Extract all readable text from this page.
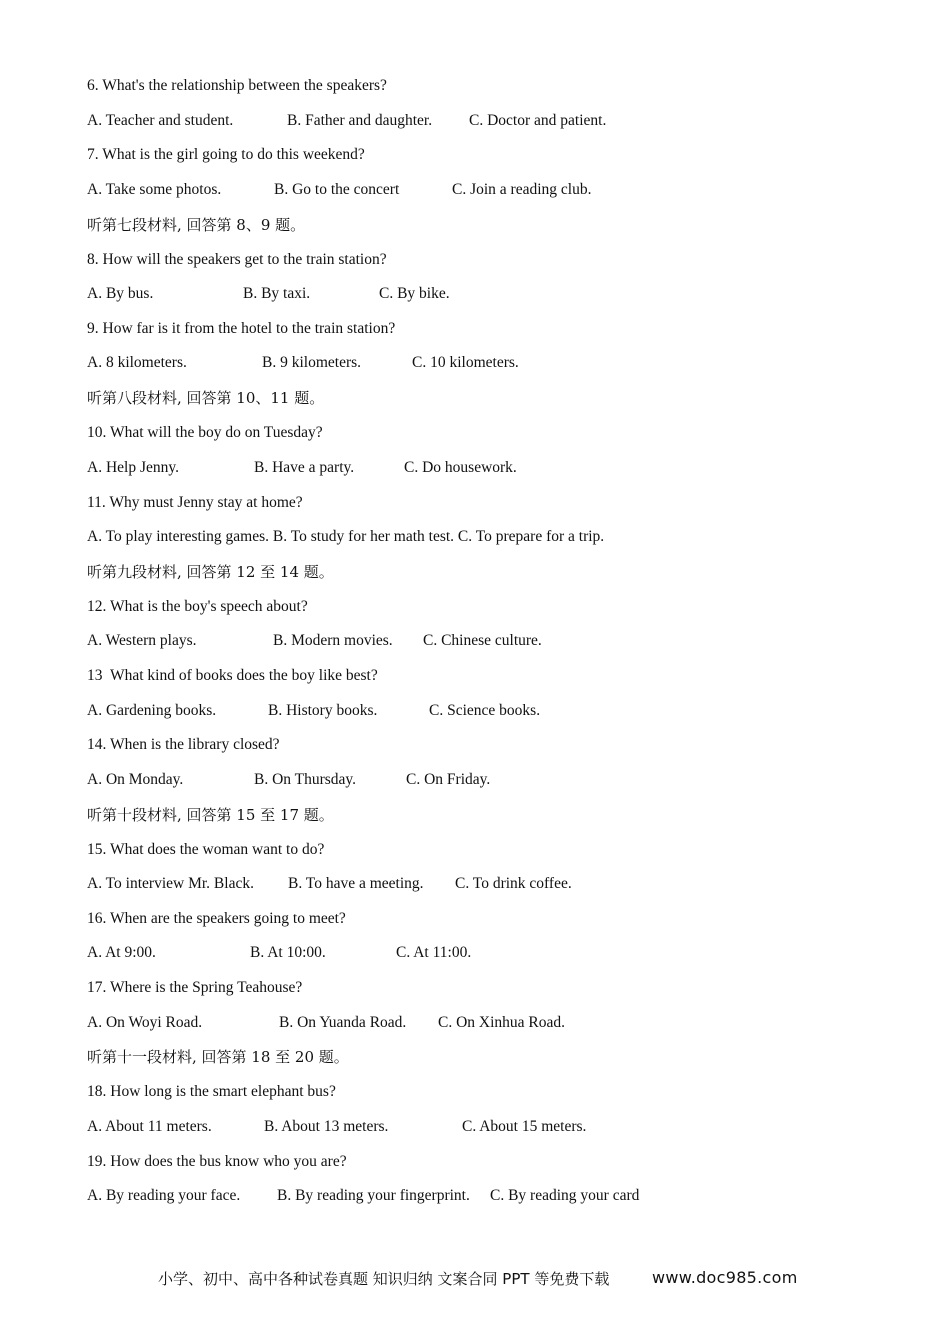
6. What's the relationship between the speakers?
A. Teacher and student.	B. Father and daughter. C. Doctor and patient.
7. What is the girl going to do this weekend?
A. Take some photos.	B. Go to the concert	C. Join a reading club.
听第七段材料, 回答第 8、9 题。
8. How will the speakers get to the train station?
A. By bus.	B. By taxi.	C. By bike.
9. How far is it from the hotel to the train station?
A. 8 kilometers.	B. 9 kilometers.	C. 10 kilometers.
听第八段材料, 回答第 10、11 题。
10. What will the boy do on Tuesday?
A. Help Jenny.	B. Have a party.	C. Do housework.
11. Why must Jenny stay at home?
A. To play interesting games. B. To study for her math test. C. To prepare for a trip.
听第九段材料, 回答第 12 至 14 题。
12. What is the boy's speech about?
A. Western plays.	B. Modern movies. C. Chinese culture.
13  What kind of books does the boy like best?
A. Gardening books.	B. History books.	C. Science books.
14. When is the library closed?
A. On Monday.	B. On Thursday.	C. On Friday.
听第十段材料, 回答第 15 至 17 题。
15. What does the woman want to do?
A. To interview Mr. Black. B. To have a meeting. C. To drink coffee.
16. When are the speakers going to meet?
A. At 9:00.	B. At 10:00.	C. At 11:00.
17. Where is the Spring Teahouse?
A. On Woyi Road.	B. On Yuanda Road. C. On Xinhua Road.
听第十一段材料, 回答第 18 至 20 题。
18. How long is the smart elephant bus?
A. About 11 meters.	B. About 13 meters.	C. About 15 meters.
19. How does the bus know who you are?
A. By reading your face. B. By reading your fingerprint. C. By reading your card
小学、初中、高中各种试卷真题 知识归纳 文案合同 PPT 等免费下载	www.doc985.com
